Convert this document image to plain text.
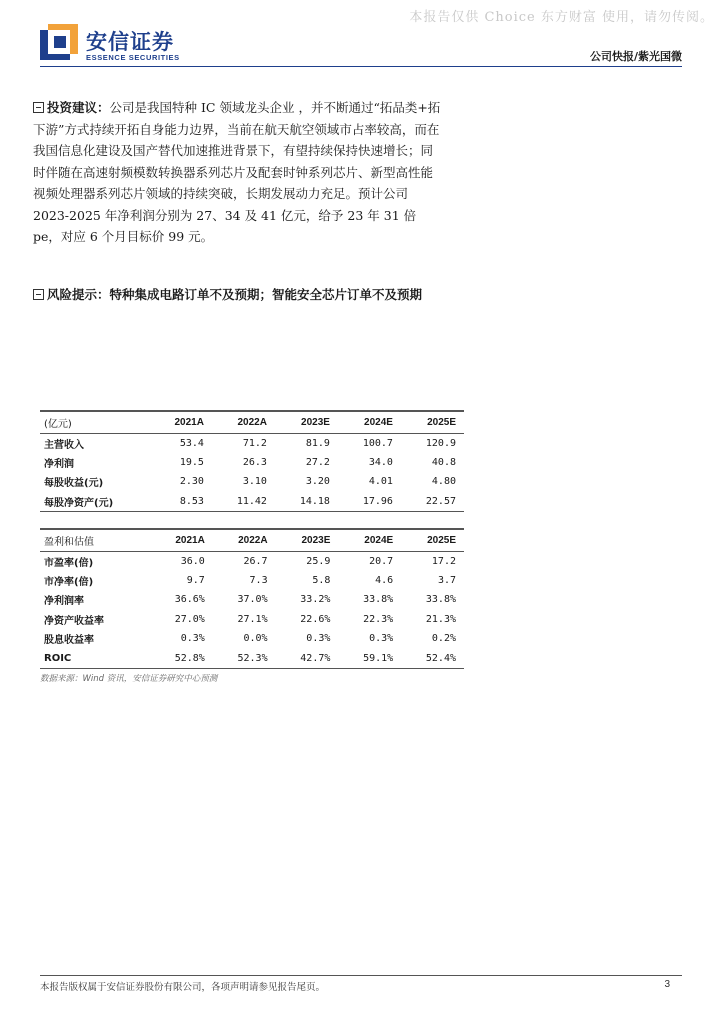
本报告仅供 Choice 东方财富 使用，请勿传阅。
安信证券
ESSENCE SECURITIES	公司快报/紫光国微
投资建议：公司是我国特种 IC 领域龙头企业 ，并不断通过“拓品类+拓下游”方式持续开拓自身能力边界，当前在航天航空领域市占率较高，而在我国信息化建设及国产替代加速推进背景下，有望持续保持快速增长；同时伴随在高速射频模数转换器系列芯片及配套时钟系列芯片、新型高性能视频处理器系列芯片领域的持续突破，长期发展动力充足。预计公司 2023-2025 年净利润分别为 27、34 及 41 亿元，给予 23 年 31 倍 pe，对应 6 个月目标价 99 元。
风险提示：特种集成电路订单不及预期；智能安全芯片订单不及预期
(亿元)	2021A	2022A	2023E	2024E	2025E
主营收入	53.4	71.2	81.9	100.7	120.9
净利润	19.5	26.3	27.2	34.0	40.8
每股收益(元)	2.30	3.10	3.20	4.01	4.80
每股净资产(元)	8.53	11.42	14.18	17.96	22.57
盈利和估值	2021A	2022A	2023E	2024E	2025E
市盈率(倍)	36.0	26.7	25.9	20.7	17.2
市净率(倍)	9.7	7.3	5.8	4.6	3.7
净利润率	36.6%	37.0%	33.2%	33.8%	33.8%
净资产收益率	27.0%	27.1%	22.6%	22.3%	21.3%
股息收益率	0.3%	0.0%	0.3%	0.3%	0.2%
ROIC	52.8%	52.3%	42.7%	59.1%	52.4%
数据来源：Wind 资讯，安信证券研究中心预测
本报告版权属于安信证券股份有限公司，各项声明请参见报告尾页。	3
